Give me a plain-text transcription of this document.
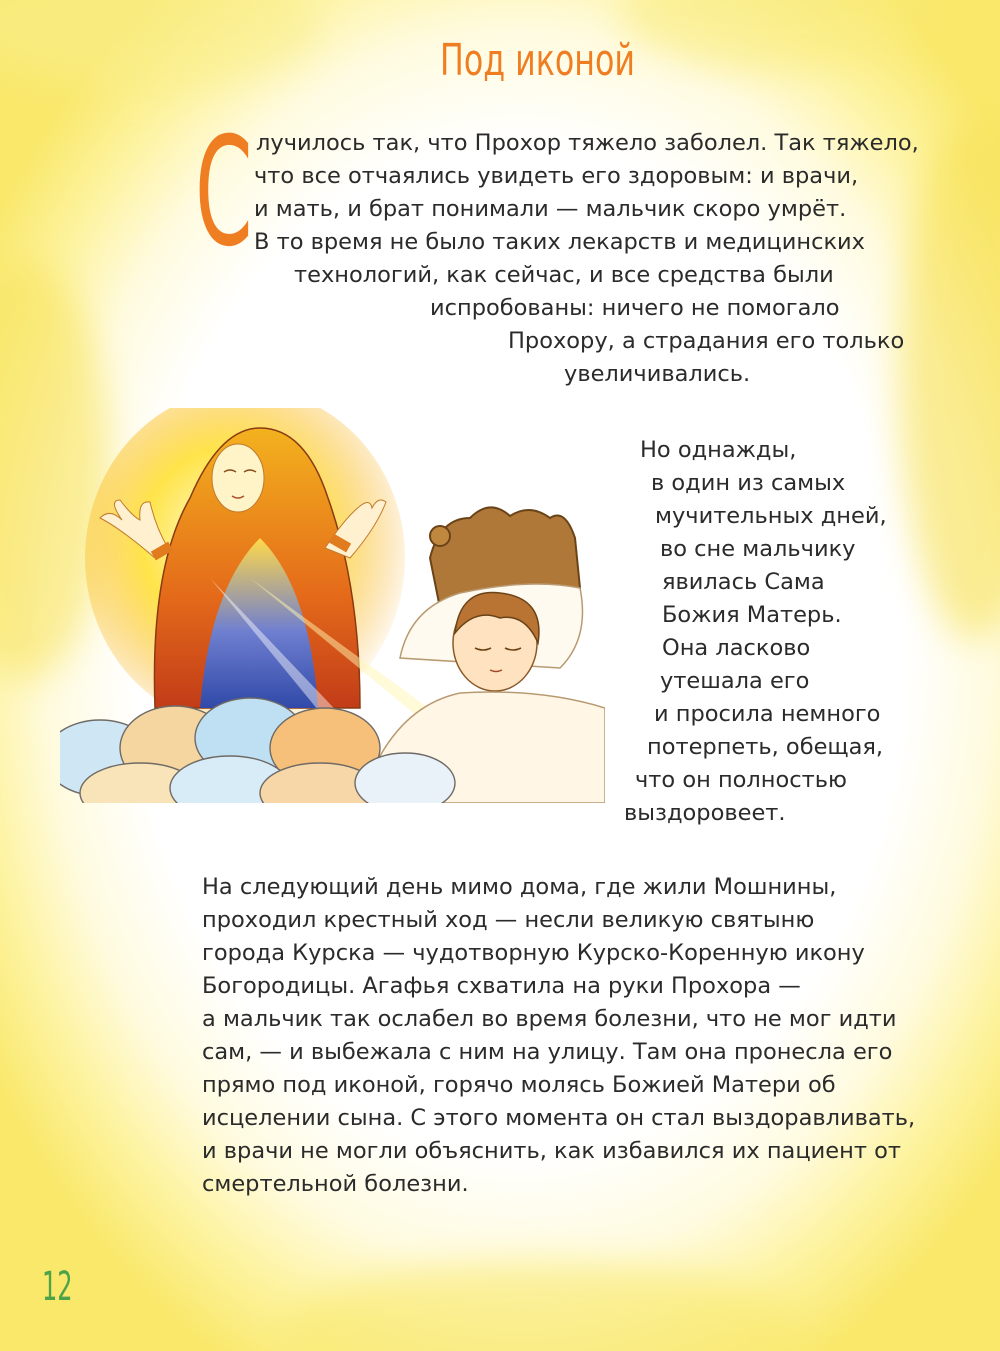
Под иконой
С лучилось так, что Прохор тяжело заболел. Так тяжело,
что все отчаялись увидеть его здоровым: и врачи,
и мать, и брат понимали — мальчик скоро умрёт.
В то время не было таких лекарств и медицинских
технологий, как сейчас, и все средства были
испробованы: ничего не помогало
Прохору, а страдания его только
увеличивались.
Но однажды,
в один из самых
мучительных дней,
во сне мальчику
явилась Сама
Божия Матерь.
Она ласково
утешала его
и просила немного
потерпеть, обещая,
что он полностью
выздоровеет.
На следующий день мимо дома, где жили Мошнины,
проходил крестный ход — несли великую святыню
города Курска — чудотворную Курско-Коренную икону
Богородицы. Агафья схватила на руки Прохора —
а мальчик так ослабел во время болезни, что не мог идти
сам, — и выбежала с ним на улицу. Там она пронесла его
прямо под иконой, горячо молясь Божией Матери об
исцелении сына. С этого момента он стал выздоравливать,
и врачи не могли объяснить, как избавился их пациент от
смертельной болезни.
12
